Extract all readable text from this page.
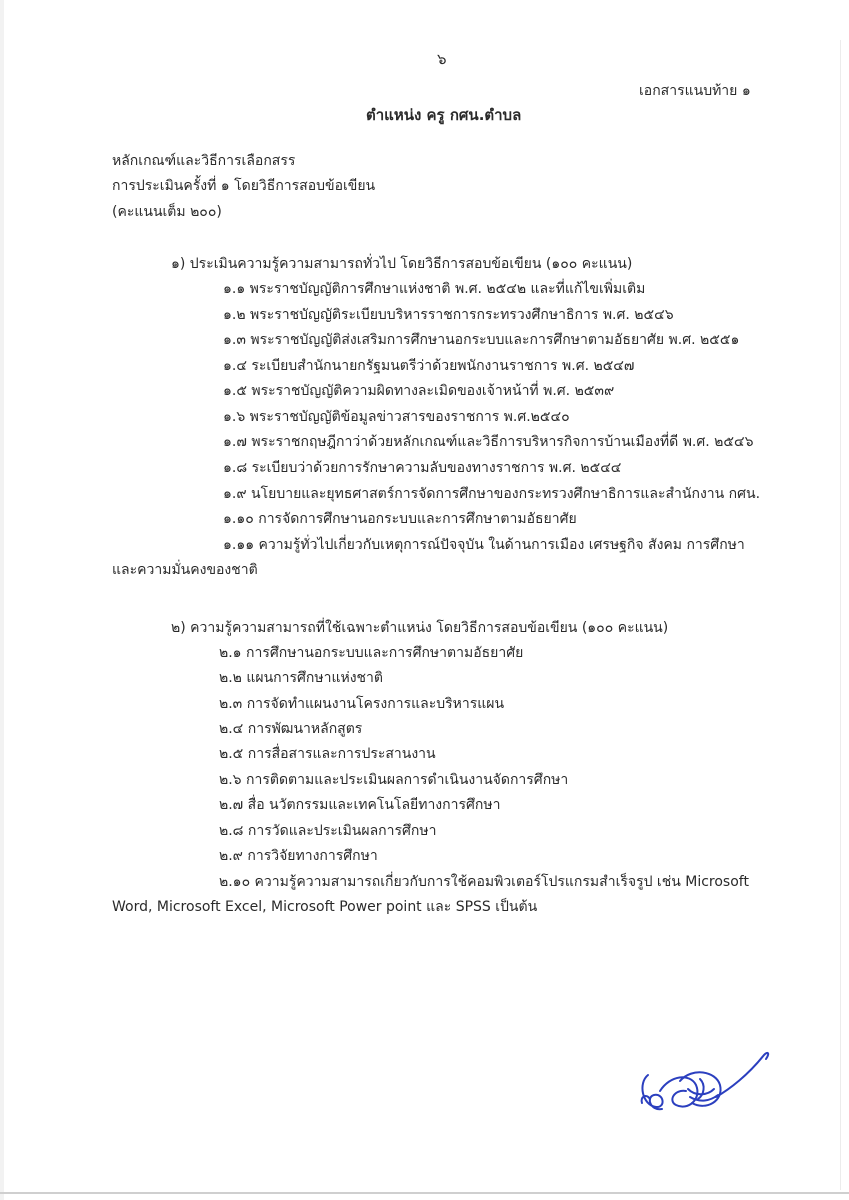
๖
เอกสารแนบท้าย ๑
ตำแหน่ง ครู กศน.ตำบล
หลักเกณฑ์และวิธีการเลือกสรร
การประเมินครั้งที่ ๑ โดยวิธีการสอบข้อเขียน
(คะแนนเต็ม ๒๐๐)
๑) ประเมินความรู้ความสามารถทั่วไป โดยวิธีการสอบข้อเขียน (๑๐๐ คะแนน)
๑.๑ พระราชบัญญัติการศึกษาแห่งชาติ พ.ศ. ๒๕๔๒ และที่แก้ไขเพิ่มเติม
๑.๒ พระราชบัญญัติระเบียบบริหารราชการกระทรวงศึกษาธิการ พ.ศ. ๒๕๔๖
๑.๓ พระราชบัญญัติส่งเสริมการศึกษานอกระบบและการศึกษาตามอัธยาศัย พ.ศ. ๒๕๕๑
๑.๔ ระเบียบสำนักนายกรัฐมนตรีว่าด้วยพนักงานราชการ พ.ศ. ๒๕๔๗
๑.๕ พระราชบัญญัติความผิดทางละเมิดของเจ้าหน้าที่ พ.ศ. ๒๕๓๙
๑.๖ พระราชบัญญัติข้อมูลข่าวสารของราชการ พ.ศ.๒๕๔๐
๑.๗ พระราชกฤษฎีกาว่าด้วยหลักเกณฑ์และวิธีการบริหารกิจการบ้านเมืองที่ดี พ.ศ. ๒๕๔๖
๑.๘ ระเบียบว่าด้วยการรักษาความลับของทางราชการ พ.ศ. ๒๕๔๔
๑.๙ นโยบายและยุทธศาสตร์การจัดการศึกษาของกระทรวงศึกษาธิการและสำนักงาน กศน.
๑.๑๐ การจัดการศึกษานอกระบบและการศึกษาตามอัธยาศัย
๑.๑๑ ความรู้ทั่วไปเกี่ยวกับเหตุการณ์ปัจจุบัน ในด้านการเมือง เศรษฐกิจ สังคม การศึกษา
และความมั่นคงของชาติ
๒) ความรู้ความสามารถที่ใช้เฉพาะตำแหน่ง โดยวิธีการสอบข้อเขียน (๑๐๐ คะแนน)
๒.๑ การศึกษานอกระบบและการศึกษาตามอัธยาศัย
๒.๒ แผนการศึกษาแห่งชาติ
๒.๓ การจัดทำแผนงานโครงการและบริหารแผน
๒.๔ การพัฒนาหลักสูตร
๒.๕ การสื่อสารและการประสานงาน
๒.๖ การติดตามและประเมินผลการดำเนินงานจัดการศึกษา
๒.๗ สื่อ นวัตกรรมและเทคโนโลยีทางการศึกษา
๒.๘ การวัดและประเมินผลการศึกษา
๒.๙ การวิจัยทางการศึกษา
๒.๑๐ ความรู้ความสามารถเกี่ยวกับการใช้คอมพิวเตอร์โปรแกรมสำเร็จรูป เช่น Microsoft
Word, Microsoft Excel, Microsoft Power point และ SPSS เป็นต้น
